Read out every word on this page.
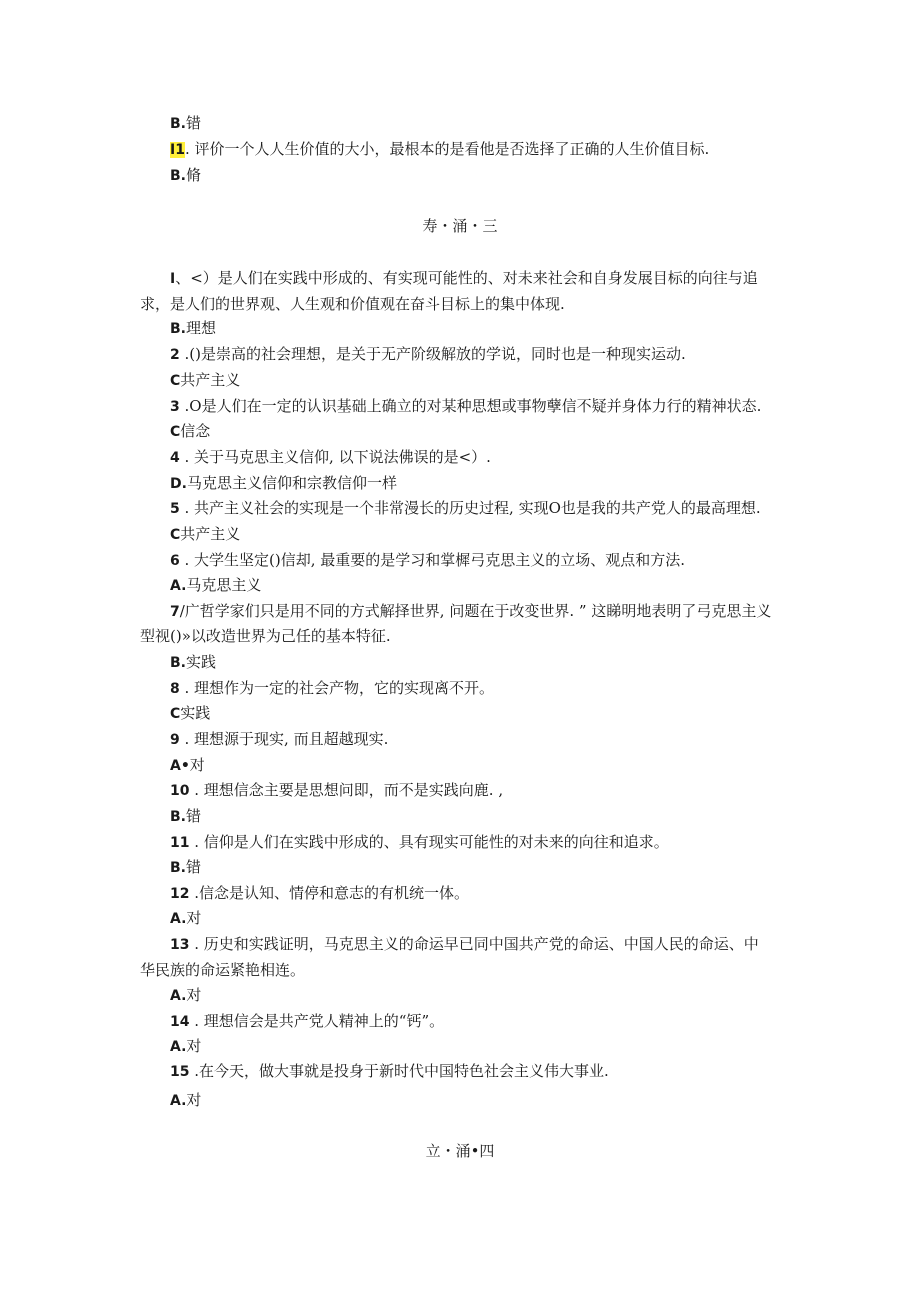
B.错
I1. 评价一个人人生价值的大小，最根本的是看他是否选择了正确的人生价值目标.
B.脩
寿・涌・三
I、<）是人们在实践中形成的、有实现可能性的、对未来社会和自身发展目标的向往与追
求，是人们的世界观、人生观和价值观在奋斗目标上的集中体现.
B.理想
2 .()是崇高的社会理想，是关于无产阶级解放的学说，同时也是一种现实运动.
C共产主义
3 .O是人们在一定的认识基础上确立的对某种思想或事物孽信不疑并身体力行的精神状态.
C信念
4 . 关于马克思主义信仰, 以下说法佛误的是<）.
D.马克思主义信仰和宗教信仰一样
5 . 共产主义社会的实现是一个非常漫长的历史过程, 实现O也是我的共产党人的最高理想.
C共产主义
6 . 大学生坚定()信却, 最重要的是学习和掌樨弓克思主义的立场、观点和方法.
A.马克思主义
7/广哲学家们只是用不同的方式解择世界, 问题在于改变世界. ” 这睇明地表明了弓克思主义
型视()»以改造世界为己任的基本特征.
B.实践
8 . 理想作为一定的社会产物，它的实现离不开。
C实践
9 . 理想源于现实, 而且超越现实.
A•对
10 . 理想信念主要是思想问即，而不是实践向鹿. ,
B.错
11 . 信仰是人们在实践中形成的、具有现实可能性的对未来的向往和追求。
B.错
12 .信念是认知、情停和意志的有机统一体。
A.对
13 . 历史和实践证明，马克思主义的命运早已同中国共产党的命运、中国人民的命运、中
华民族的命运紧艳相连。
A.对
14 . 理想信会是共产党人精神上的“钙”。
A.对
15 .在今天，做大事就是投身于新时代中国特色社会主义伟大事业.
A.对
立・涌•四
